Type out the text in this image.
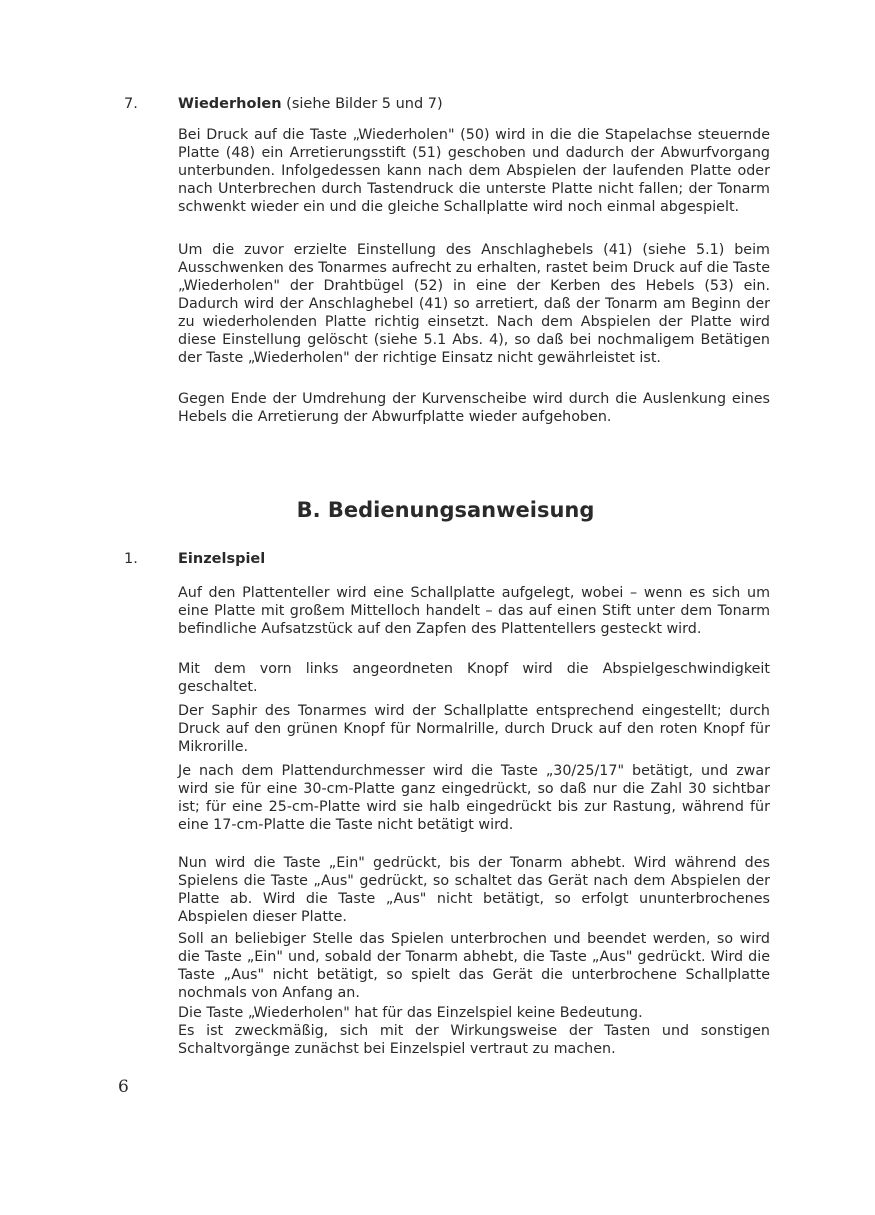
7.	Wiederholen (siehe Bilder 5 und 7)

Bei Druck auf die Taste „Wiederholen" (50) wird in die die Stapelachse steuernde Platte (48) ein Arretierungsstift (51) geschoben und dadurch der Abwurfvorgang unterbunden. Infolgedessen kann nach dem Abspielen der laufenden Platte oder nach Unterbrechen durch Tastendruck die unterste Platte nicht fallen; der Tonarm schwenkt wieder ein und die gleiche Schallplatte wird noch einmal abgespielt.

Um die zuvor erzielte Einstellung des Anschlaghebels (41) (siehe 5.1) beim Ausschwenken des Tonarmes aufrecht zu erhalten, rastet beim Druck auf die Taste „Wiederholen" der Drahtbügel (52) in eine der Kerben des Hebels (53) ein. Dadurch wird der Anschlaghebel (41) so arretiert, daß der Tonarm am Beginn der zu wiederholenden Platte richtig einsetzt. Nach dem Abspielen der Platte wird diese Einstellung gelöscht (siehe 5.1 Abs. 4), so daß bei nochmaligem Betätigen der Taste „Wiederholen" der richtige Einsatz nicht gewährleistet ist.

Gegen Ende der Umdrehung der Kurvenscheibe wird durch die Auslenkung eines Hebels die Arretierung der Abwurfplatte wieder aufgehoben.

B. Bedienungsanweisung
1.	Einzelspiel

Auf den Plattenteller wird eine Schallplatte aufgelegt, wobei – wenn es sich um eine Platte mit großem Mittelloch handelt – das auf einen Stift unter dem Tonarm befindliche Aufsatzstück auf den Zapfen des Plattentellers gesteckt wird.

Mit dem vorn links angeordneten Knopf wird die Abspielgeschwindigkeit geschaltet.

Der Saphir des Tonarmes wird der Schallplatte entsprechend eingestellt; durch Druck auf den grünen Knopf für Normalrille, durch Druck auf den roten Knopf für Mikrorille.

Je nach dem Plattendurchmesser wird die Taste „30/25/17" betätigt, und zwar wird sie für eine 30-cm-Platte ganz eingedrückt, so daß nur die Zahl 30 sichtbar ist; für eine 25-cm-Platte wird sie halb eingedrückt bis zur Rastung, während für eine 17-cm-Platte die Taste nicht betätigt wird.

Nun wird die Taste „Ein" gedrückt, bis der Tonarm abhebt. Wird während des Spielens die Taste „Aus" gedrückt, so schaltet das Gerät nach dem Abspielen der Platte ab. Wird die Taste „Aus" nicht betätigt, so erfolgt ununterbrochenes Abspielen dieser Platte.

Soll an beliebiger Stelle das Spielen unterbrochen und beendet werden, so wird die Taste „Ein" und, sobald der Tonarm abhebt, die Taste „Aus" gedrückt. Wird die Taste „Aus" nicht betätigt, so spielt das Gerät die unterbrochene Schallplatte nochmals von Anfang an.

Die Taste „Wiederholen" hat für das Einzelspiel keine Bedeutung.

Es ist zweckmäßig, sich mit der Wirkungsweise der Tasten und sonstigen Schaltvorgänge zunächst bei Einzelspiel vertraut zu machen.

6
